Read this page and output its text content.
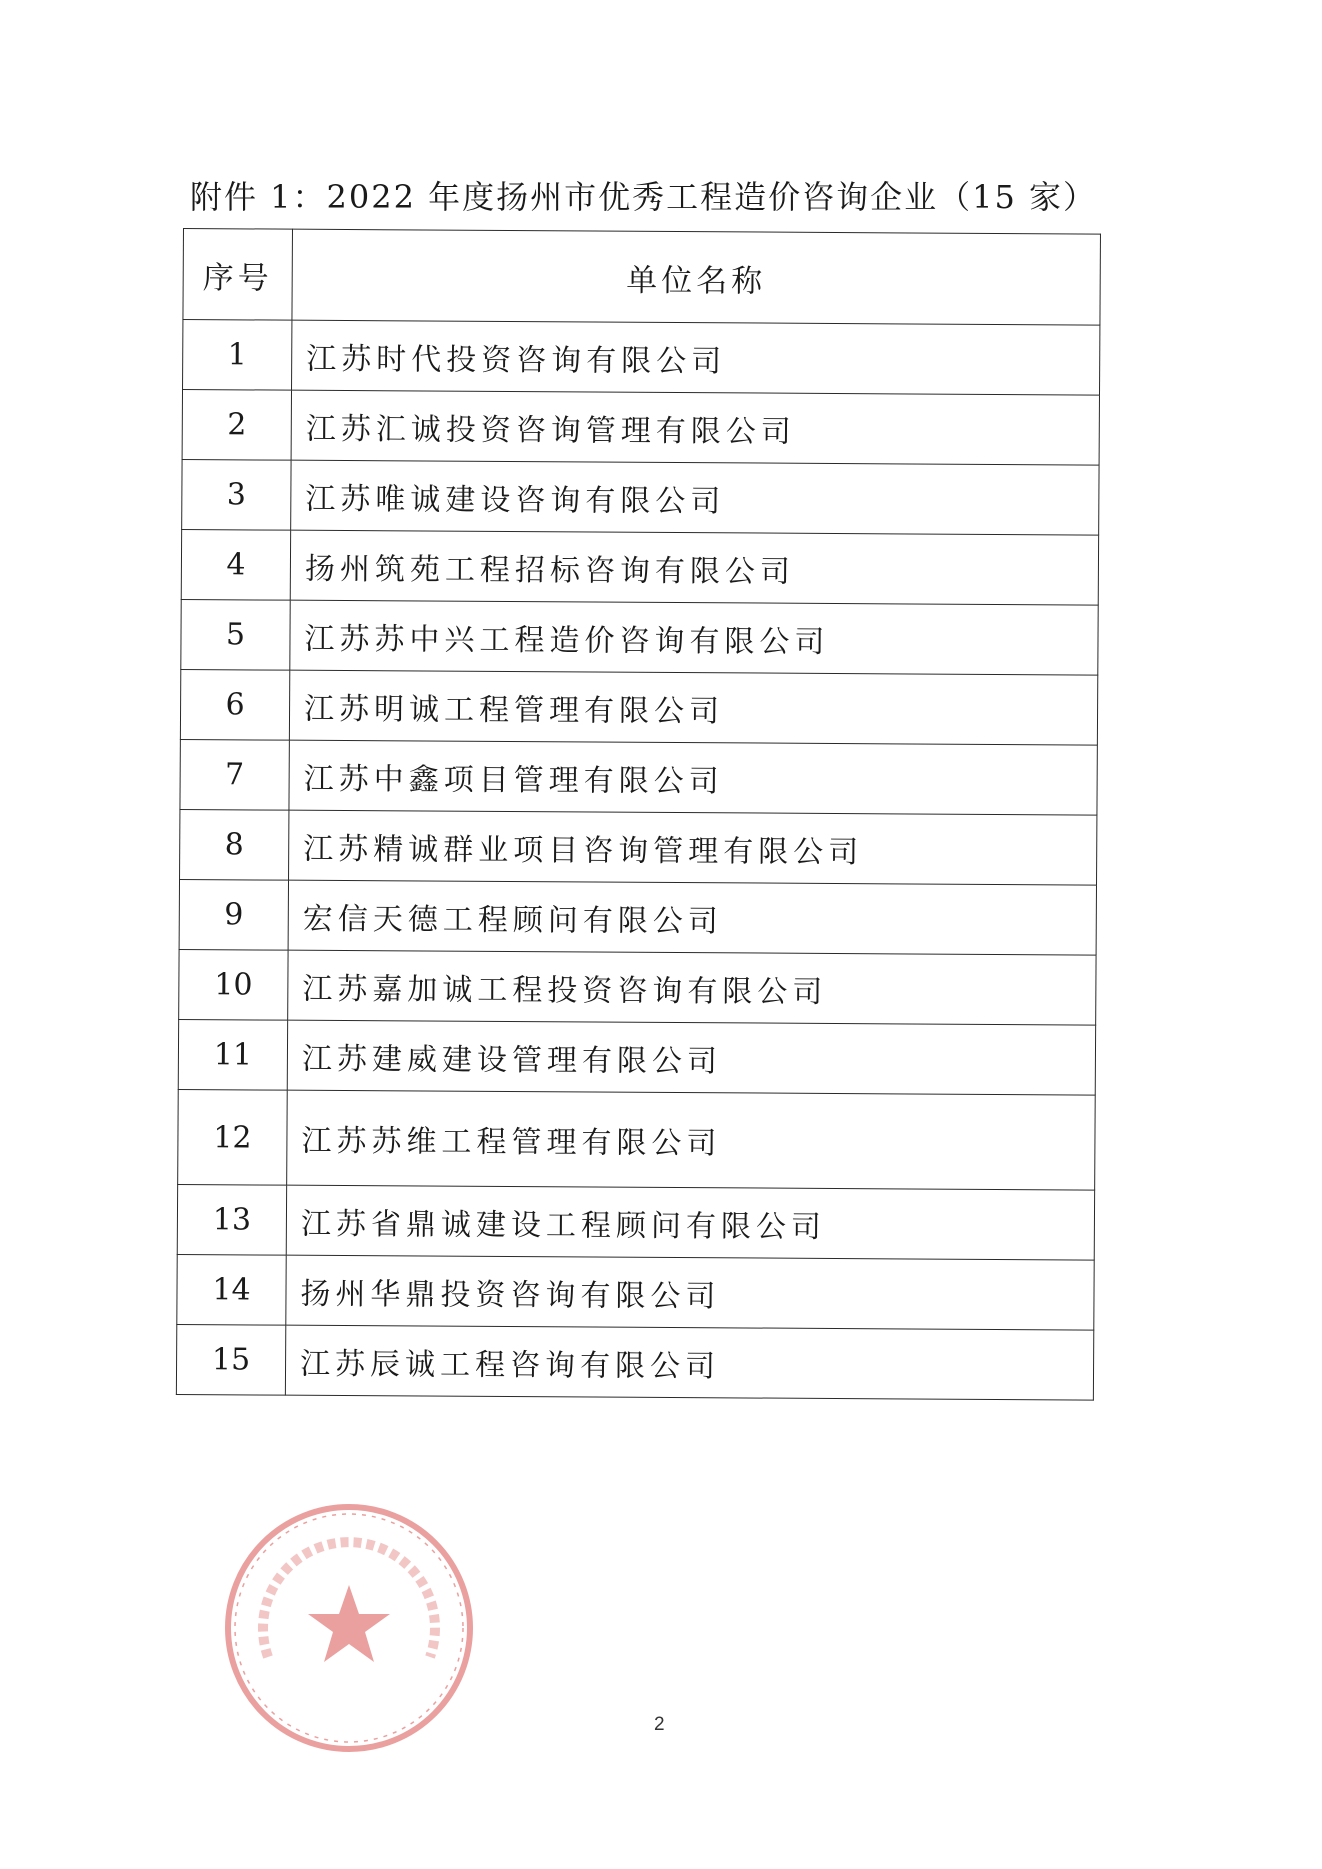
附件 1：2022 年度扬州市优秀工程造价咨询企业（15 家）
序号	单位名称
1	江苏时代投资咨询有限公司
2	江苏汇诚投资咨询管理有限公司
3	江苏唯诚建设咨询有限公司
4	扬州筑苑工程招标咨询有限公司
5	江苏苏中兴工程造价咨询有限公司
6	江苏明诚工程管理有限公司
7	江苏中鑫项目管理有限公司
8	江苏精诚群业项目咨询管理有限公司
9	宏信天德工程顾问有限公司
10	江苏嘉加诚工程投资咨询有限公司
11	江苏建威建设管理有限公司
12	江苏苏维工程管理有限公司
13	江苏省鼎诚建设工程顾问有限公司
14	扬州华鼎投资咨询有限公司
15	江苏辰诚工程咨询有限公司
2
